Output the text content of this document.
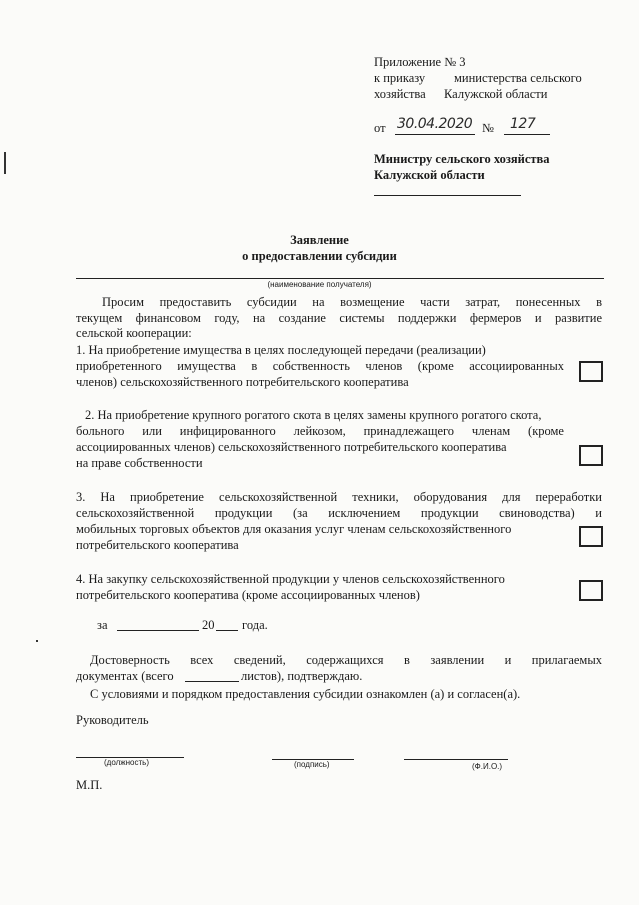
Приложение № 3
к приказу министерства сельского
хозяйства Калужской области
от 30.04.2020 № 127
Министру сельского хозяйства
Калужской области
Заявление
о предоставлении субсидии
(наименование получателя)
Просим предоставить субсидии на возмещение части затрат, понесенных в
текущем финансовом году, на создание системы поддержки фермеров и развитие
сельской кооперации:
1. На приобретение имущества в целях последующей передачи (реализации)
приобретенного имущества в собственность членов (кроме ассоциированных
членов) сельскохозяйственного потребительского кооператива
2. На приобретение крупного рогатого скота в целях замены крупного рогатого скота,
больного или инфицированного лейкозом, принадлежащего членам (кроме
ассоциированных членов) сельскохозяйственного потребительского кооператива
на праве собственности
3. На приобретение сельскохозяйственной техники, оборудования для переработки
сельскохозяйственной продукции (за исключением продукции свиноводства) и
мобильных торговых объектов для оказания услуг членам сельскохозяйственного
потребительского кооператива
4. На закупку сельскохозяйственной продукции у членов сельскохозяйственного
потребительского кооператива (кроме ассоциированных членов)
за	20 года.
Достоверность всех сведений, содержащихся в заявлении и прилагаемых
документах (всего	листов), подтверждаю.
С условиями и порядком предоставления субсидии ознакомлен (а) и согласен(а).
Руководитель
(должность)	(подпись)	(Ф.И.О.)
М.П.
